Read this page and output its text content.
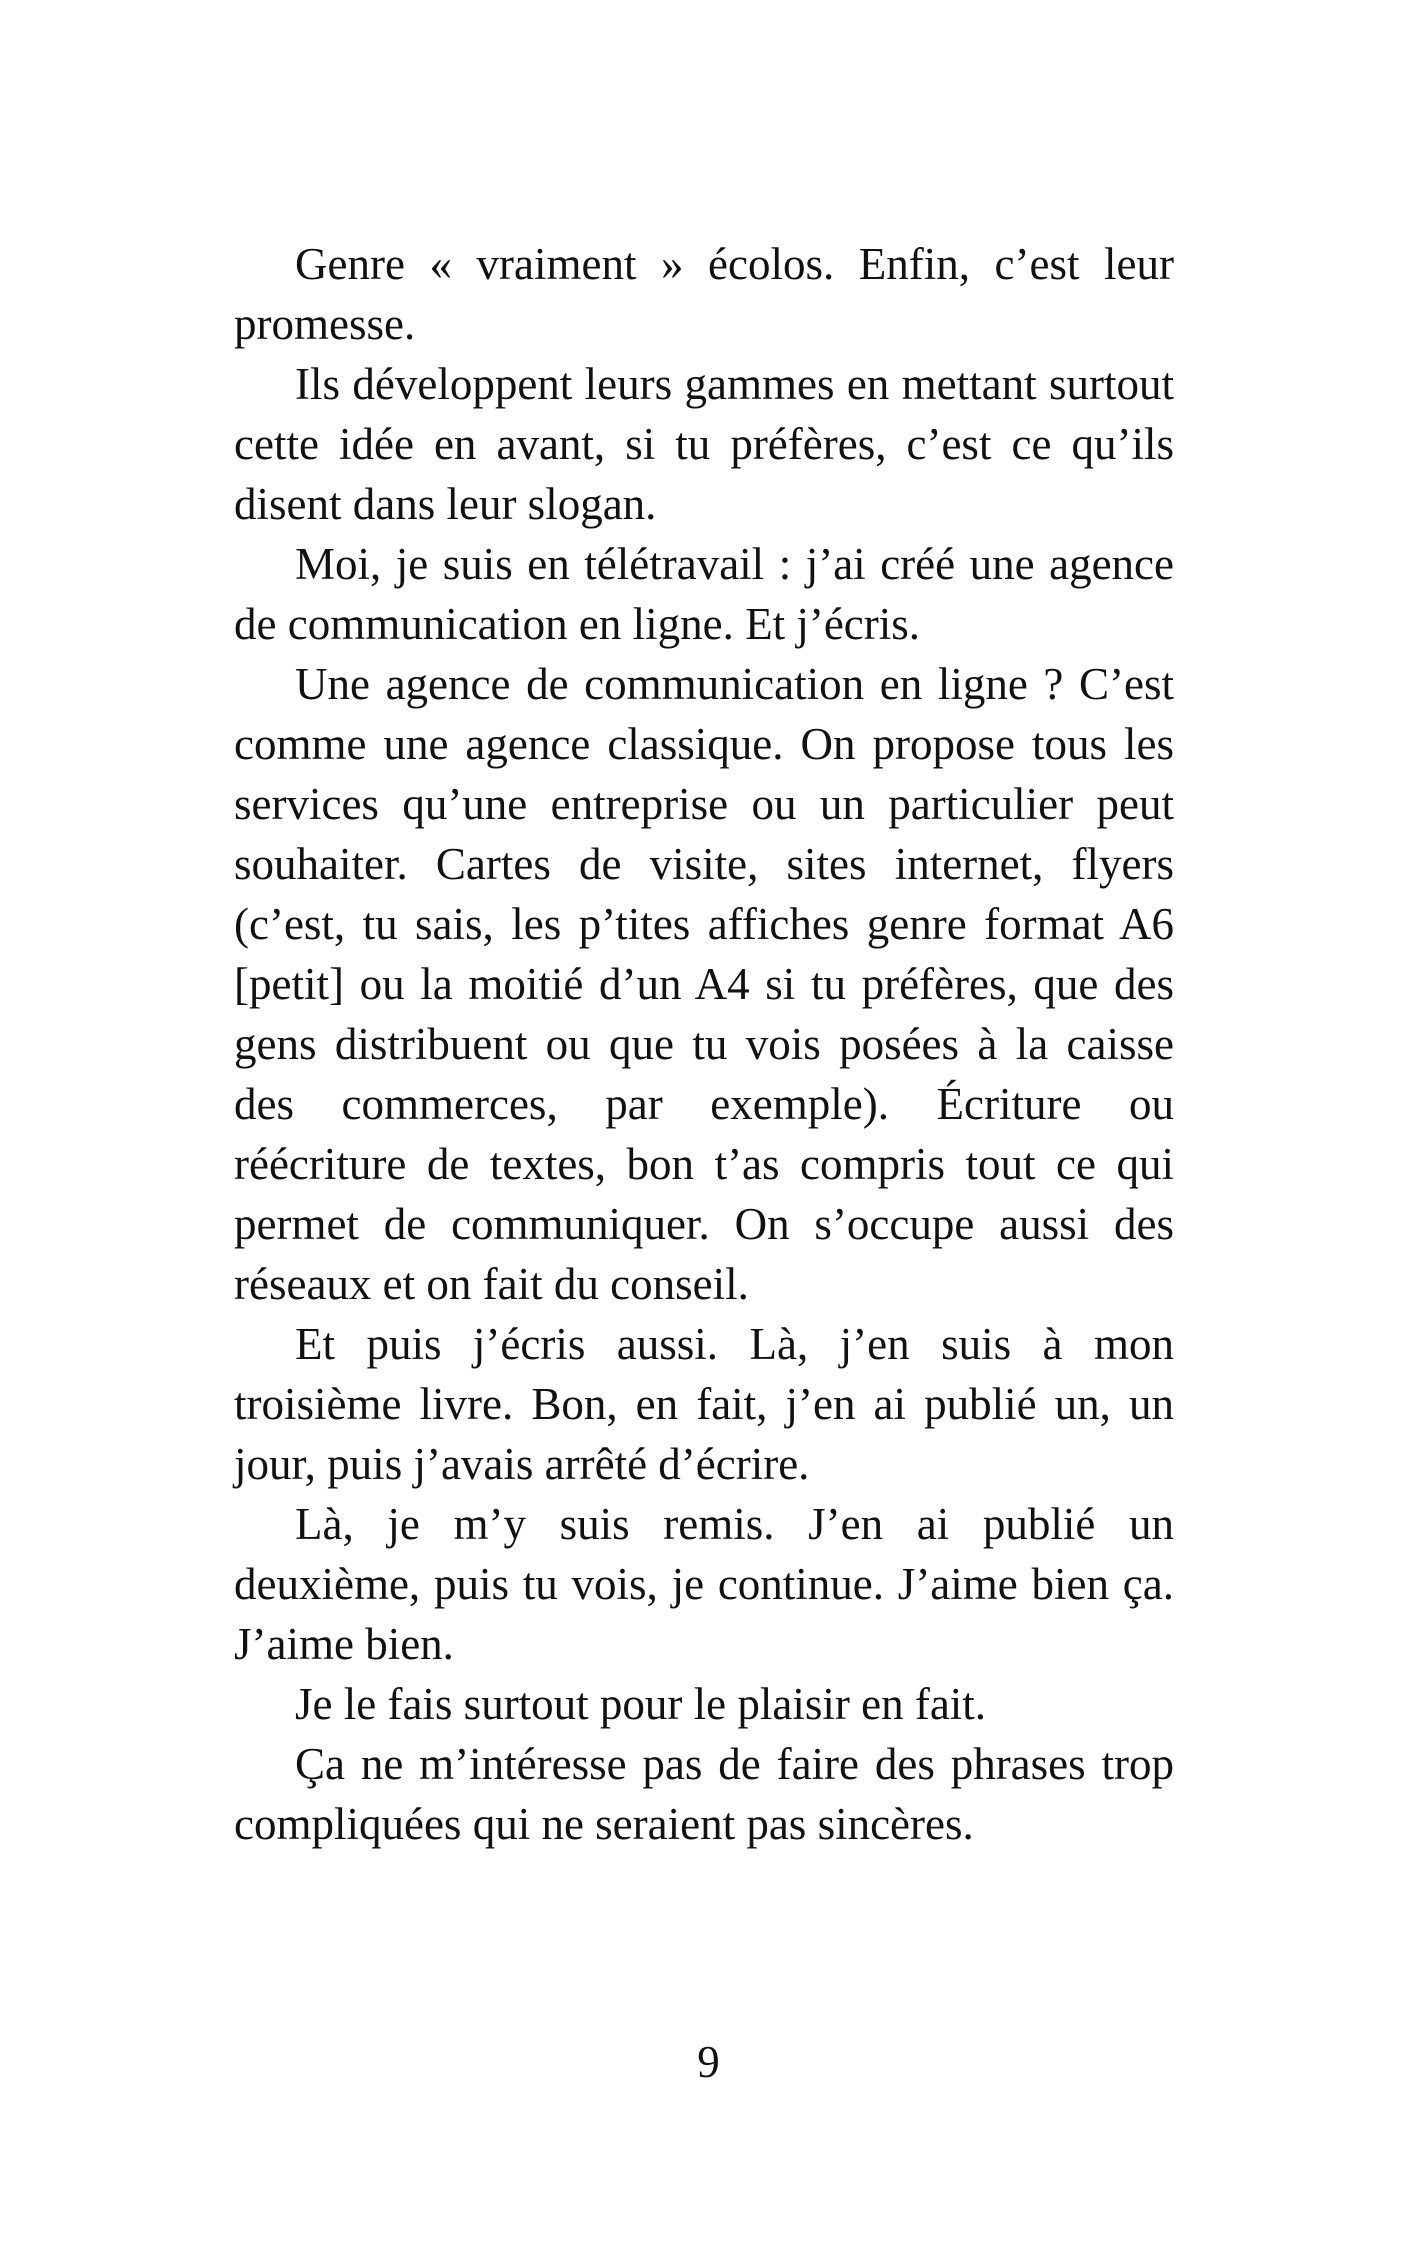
Genre « vraiment » écolos. Enfin, c’est leur promesse.

Ils développent leurs gammes en mettant surtout cette idée en avant, si tu préfères, c’est ce qu’ils disent dans leur slogan.

Moi, je suis en télétravail : j’ai créé une agence de communication en ligne. Et j’écris.

Une agence de communication en ligne ? C’est comme une agence classique. On propose tous les services qu’une entreprise ou un particulier peut souhaiter. Cartes de visite, sites internet, flyers (c’est, tu sais, les p’tites affiches genre format A6 [petit] ou la moitié d’un A4 si tu préfères, que des gens distribuent ou que tu vois posées à la caisse des commerces, par exemple). Écriture ou réécriture de textes, bon t’as compris tout ce qui permet de communiquer. On s’occupe aussi des réseaux et on fait du conseil.

Et puis j’écris aussi. Là, j’en suis à mon troisième livre. Bon, en fait, j’en ai publié un, un jour, puis j’avais arrêté d’écrire.

Là, je m’y suis remis. J’en ai publié un deuxième, puis tu vois, je continue. J’aime bien ça. J’aime bien.

Je le fais surtout pour le plaisir en fait.

Ça ne m’intéresse pas de faire des phrases trop compliquées qui ne seraient pas sincères.

9
